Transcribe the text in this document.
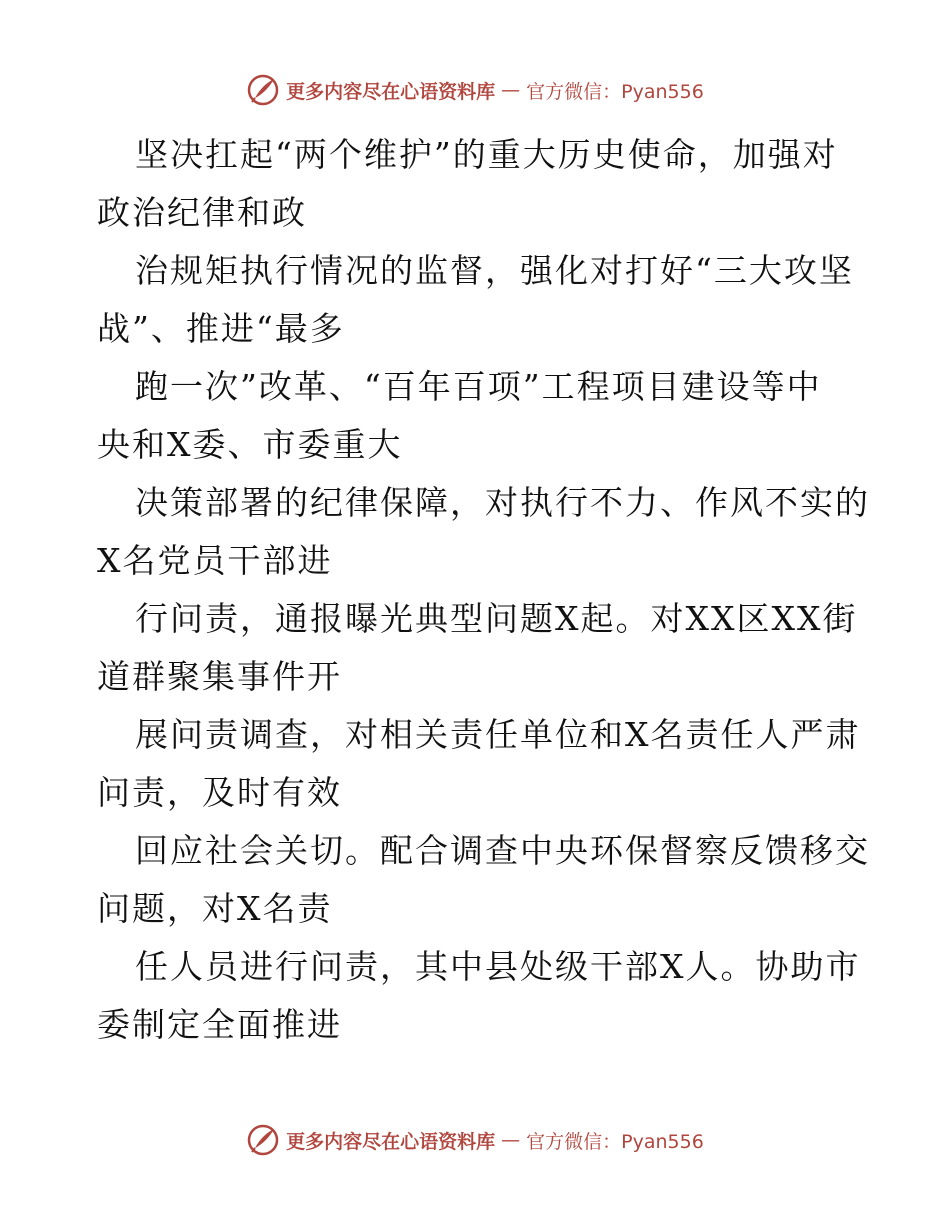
更多内容尽在心语资料库 — 官方微信：Pyan556
坚决扛起“两个维护”的重大历史使命，加强对
政治纪律和政
治规矩执行情况的监督，强化对打好“三大攻坚
战”、推进“最多
跑一次”改革、“百年百项”工程项目建设等中
央和X委、市委重大
决策部署的纪律保障，对执行不力、作风不实的
X名党员干部进
行问责，通报曝光典型问题X起。对XX区XX街
道群聚集事件开
展问责调查，对相关责任单位和X名责任人严肃
问责，及时有效
回应社会关切。配合调查中央环保督察反馈移交
问题，对X名责
任人员进行问责，其中县处级干部X人。协助市
委制定全面推进
更多内容尽在心语资料库 — 官方微信：Pyan556
